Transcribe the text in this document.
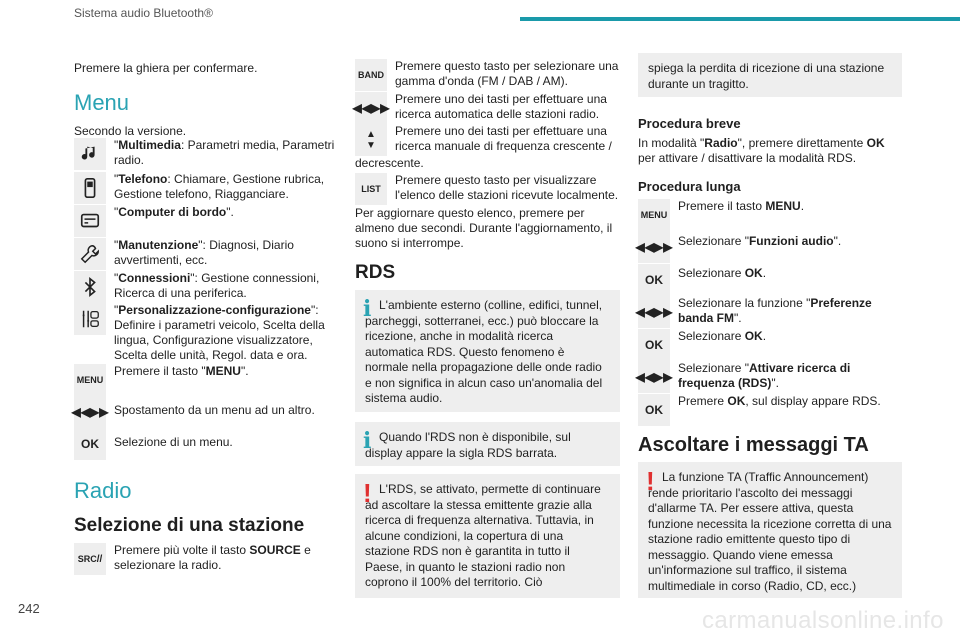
Sistema audio Bluetooth®
242	carmanualsonline.info
Premere la ghiera per confermare.
Menu
Secondo la versione.
"Multimedia: Parametri media, Parametri radio.
"Telefono: Chiamare, Gestione rubrica, Gestione telefono, Riagganciare.
"Computer di bordo".
"Manutenzione": Diagnosi, Diario avvertimenti, ecc.
"Connessioni": Gestione connessioni, Ricerca di una periferica.
"Personalizzazione-configurazione": Definire i parametri veicolo, Scelta della lingua, Configurazione visualizzatore, Scelta delle unità, Regol. data e ora.
MENU
Premere il tasto "MENU".
◀◀▶▶ Spostamento da un menu ad un altro.
OK	Selezione di un menu.
Radio
Selezione di una stazione
SRC //
Premere più volte il tasto SOURCE e selezionare la radio.
BAND
Premere questo tasto per selezionare una gamma d'onda (FM / DAB / AM).
◀◀▶▶
Premere uno dei tasti per effettuare una ricerca automatica delle stazioni radio.
▲
▼
Premere uno dei tasti per effettuare una ricerca manuale di frequenza crescente /
decrescente.
LIST
Premere questo tasto per visualizzare l'elenco delle stazioni ricevute localmente.
Per aggiornare questo elenco, premere per almeno due secondi. Durante l'aggiornamento, il suono si interrompe.
RDS
i L'ambiente esterno (colline, edifici, tunnel, parcheggi, sotterranei, ecc.) può bloccare la ricezione, anche in modalità ricerca automatica RDS. Questo fenomeno è normale nella propagazione delle onde radio e non significa in alcun caso un'anomalia del sistema audio.
i Quando l'RDS non è disponibile, sul display appare la sigla RDS barrata.
! L'RDS, se attivato, permette di continuare ad ascoltare la stessa emittente grazie alla ricerca di frequenza alternativa. Tuttavia, in alcune condizioni, la copertura di una stazione RDS non è garantita in tutto il Paese, in quanto le stazioni radio non coprono il 100% del territorio. Ciò
spiega la perdita di ricezione di una stazione durante un tragitto.
Procedura breve
In modalità "Radio", premere direttamente OK per attivare / disattivare la modalità RDS.
Procedura lunga
MENU
Premere il tasto MENU.
◀◀▶▶ Selezionare "Funzioni audio".
OK	Selezionare OK.
◀◀▶▶
Selezionare la funzione "Preferenze banda FM".
OK
Selezionare OK.
◀◀▶▶
Selezionare "Attivare ricerca di frequenza (RDS)".
OK
Premere OK, sul display appare RDS.
Ascoltare i messaggi TA
! La funzione TA (Traffic Announcement) rende prioritario l'ascolto dei messaggi d'allarme TA. Per essere attiva, questa funzione necessita la ricezione corretta di una stazione radio emittente questo tipo di messaggio. Quando viene emessa un'informazione sul traffico, il sistema multimediale in corso (Radio, CD, ecc.)
